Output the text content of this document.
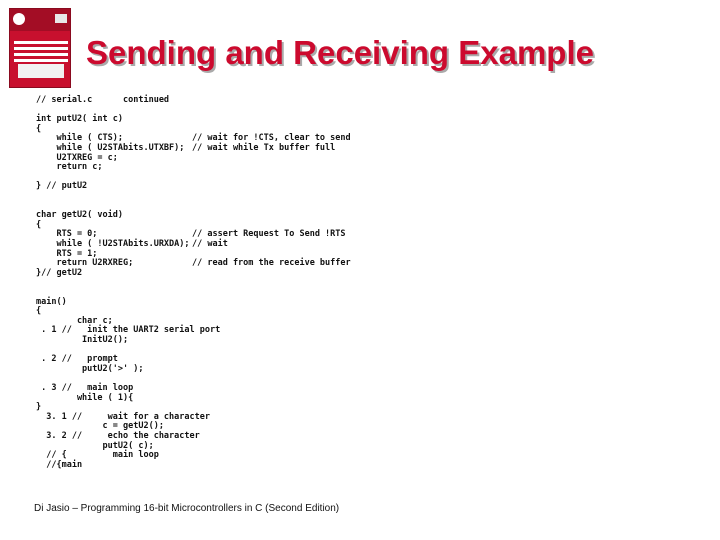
Sending and Receiving Example
// serial.c      continued
int putU2( int c)
{
while ( CTS);	// wait for !CTS, clear to send
while ( U2STAbits.UTXBF); // wait while Tx buffer full
U2TXREG = c;
return c;
} // putU2
char getU2( void)
{
RTS = 0;	// assert Request To Send !RTS
while ( !U2STAbits.URXDA); // wait
RTS = 1;
return U2RXREG;	// read from the receive buffer
}// getU2
main()
{
char c;
. 1 //   init the UART2 serial port
InitU2();
. 2 //   prompt
putU2('>' );
. 3 //   main loop
while ( 1){
}
3. 1 //     wait for a character
c = getU2();
3. 2 //     echo the character
putU2( c);
// {         main loop
//{main
Di Jasio – Programming 16-bit Microcontrollers in C (Second Edition)
